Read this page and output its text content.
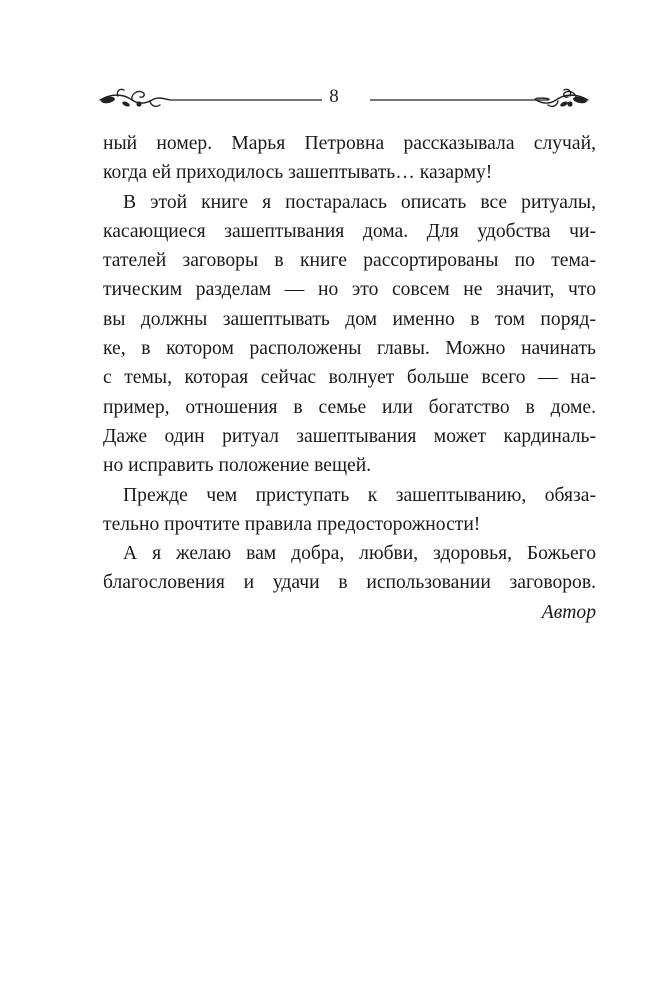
8
ный номер. Марья Петровна рассказывала случай,
когда ей приходилось зашептывать… казарму!
В этой книге я постаралась описать все ритуалы,
касающиеся зашептывания дома. Для удобства чи-
тателей заговоры в книге рассортированы по тема-
тическим разделам — но это совсем не значит, что
вы должны зашептывать дом именно в том поряд-
ке, в котором расположены главы. Можно начинать
с темы, которая сейчас волнует больше всего — на-
пример, отношения в семье или богатство в доме.
Даже один ритуал зашептывания может кардиналь-
но исправить положение вещей.
Прежде чем приступать к зашептыванию, обяза-
тельно прочтите правила предосторожности!
А я желаю вам добра, любви, здоровья, Божьего
благословения и удачи в использовании заговоров.
Автор
